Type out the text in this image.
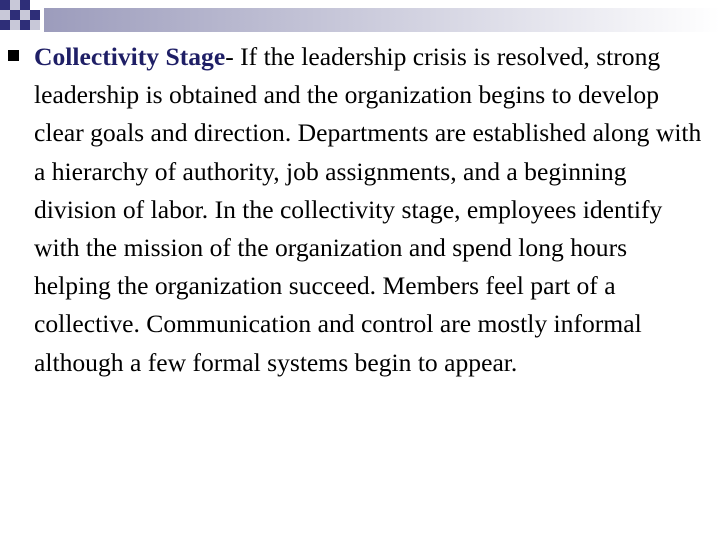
Collectivity Stage- If the leadership crisis is resolved, strong leadership is obtained and the organization begins to develop clear goals and direction. Departments are established along with a hierarchy of authority, job assignments, and a beginning division of labor. In the collectivity stage, employees identify with the mission of the organization and spend long hours helping the organization succeed. Members feel part of a collective. Communication and control are mostly informal although a few formal systems begin to appear.
